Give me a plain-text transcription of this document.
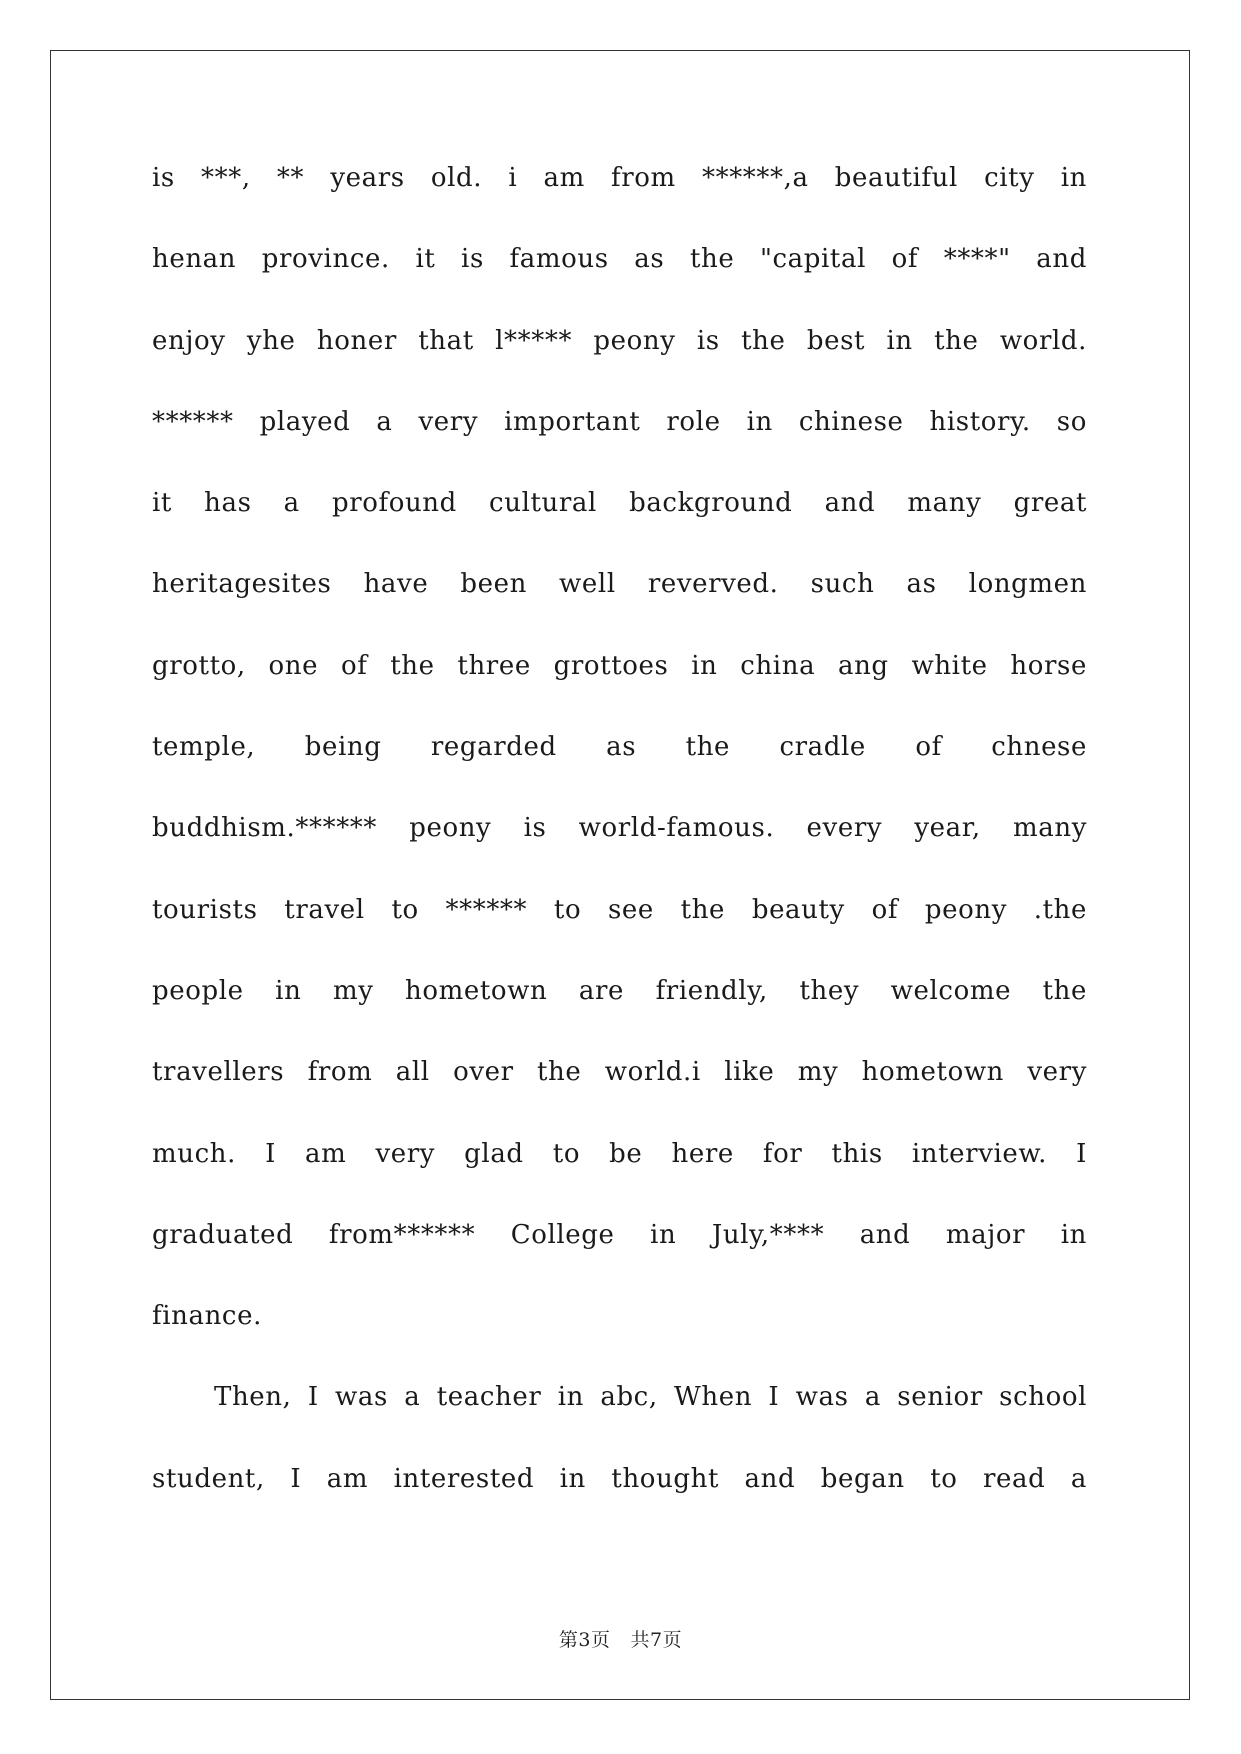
is ***, ** years old. i am from ******,a beautiful city in
henan province. it is famous as the "capital of ****" and
enjoy yhe honer that l***** peony is the best in the world.
****** played a very important role in chinese history. so
it has a profound cultural background and many great
heritagesites have been well reverved. such as longmen
grotto, one of the three grottoes in china ang white horse
temple, being regarded as the cradle of chnese
buddhism.****** peony is world-famous. every year, many
tourists travel to ****** to see the beauty of peony .the
people in my hometown are friendly, they welcome the
travellers from all over the world.i like my hometown very
much. I am very glad to be here for this interview. I
graduated from****** College in July,**** and major in
finance.
Then, I was a teacher in abc, When I was a senior school
student, I am interested in thought and began to read a
第3页 共7页
